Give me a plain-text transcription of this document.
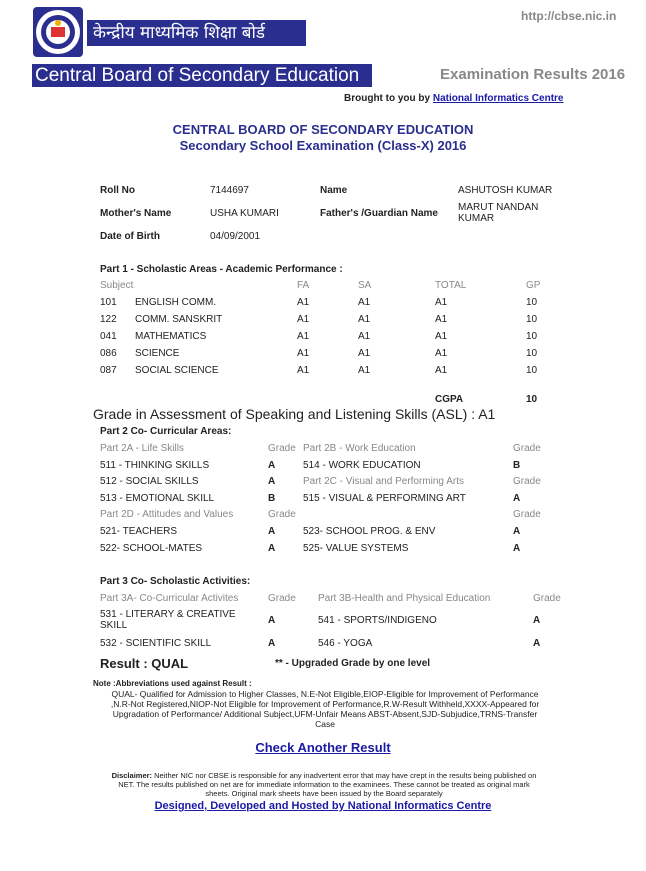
केन्द्रीय माध्यमिक शिक्षा बोर्ड
Central Board of Secondary Education
http://cbse.nic.in
Examination Results 2016
Brought to you by National Informatics Centre
CENTRAL BOARD OF SECONDARY EDUCATION
Secondary School Examination (Class-X) 2016
Roll No	7144697	Name	ASHUTOSH KUMAR
Mother's Name	USHA KUMARI	Father's /Guardian Name
MARUT NANDAN
KUMAR
Date of Birth	04/09/2001
Part 1 - Scholastic Areas - Academic Performance :
Subject	FA	SA	TOTAL	GP
101 ENGLISH COMM.	A1	A1	A1	10
122 COMM. SANSKRIT	A1	A1	A1	10
041 MATHEMATICS	A1	A1	A1	10
086 SCIENCE	A1	A1	A1	10
087 SOCIAL SCIENCE	A1	A1	A1	10
CGPA	10
Grade in Assessment of Speaking and Listening Skills (ASL) : A1
Part 2 Co- Curricular Areas:
Part 2A - Life Skills	Grade Part 2B - Work Education	Grade
511 - THINKING SKILLS	A	514 - WORK EDUCATION	B
512 - SOCIAL SKILLS	A	Part 2C - Visual and Performing Arts	Grade
513 - EMOTIONAL SKILL	B	515 - VISUAL & PERFORMING ART	A
Part 2D - Attitudes and Values	Grade	Grade
521- TEACHERS	A	523- SCHOOL PROG. & ENV	A
522- SCHOOL-MATES	A	525- VALUE SYSTEMS	A
Part 3 Co- Scholastic Activities:
Part 3A- Co-Curricular Activites	Grade Part 3B-Health and Physical Education	Grade
531 - LITERARY & CREATIVE
SKILL	A	541 - SPORTS/INDIGENO	A
532 - SCIENTIFIC SKILL	A	546 - YOGA	A
Result : QUAL	** - Upgraded Grade by one level
Note :Abbreviations used against Result :
QUAL- Qualified for Admission to Higher Classes, N.E-Not Eligible,EIOP-Eligible for Improvement of Performance ,N.R-Not Registered,NIOP-Not Eligible for Improvement of Performance,R.W-Result Withheld,XXXX-Appeared for Upgradation of Performance/ Additional Subject,UFM-Unfair Means ABST-Absent,SJD-Subjudice,TRNS-Transfer Case
Check Another Result
Disclaimer: Neither NIC nor CBSE is responsible for any inadvertent error that may have crept in the results being published on NET. The results published on net are for immediate information to the examinees. These cannot be treated as original mark sheets. Original mark sheets have been issued by the Board separately
Designed, Developed and Hosted by National Informatics Centre
